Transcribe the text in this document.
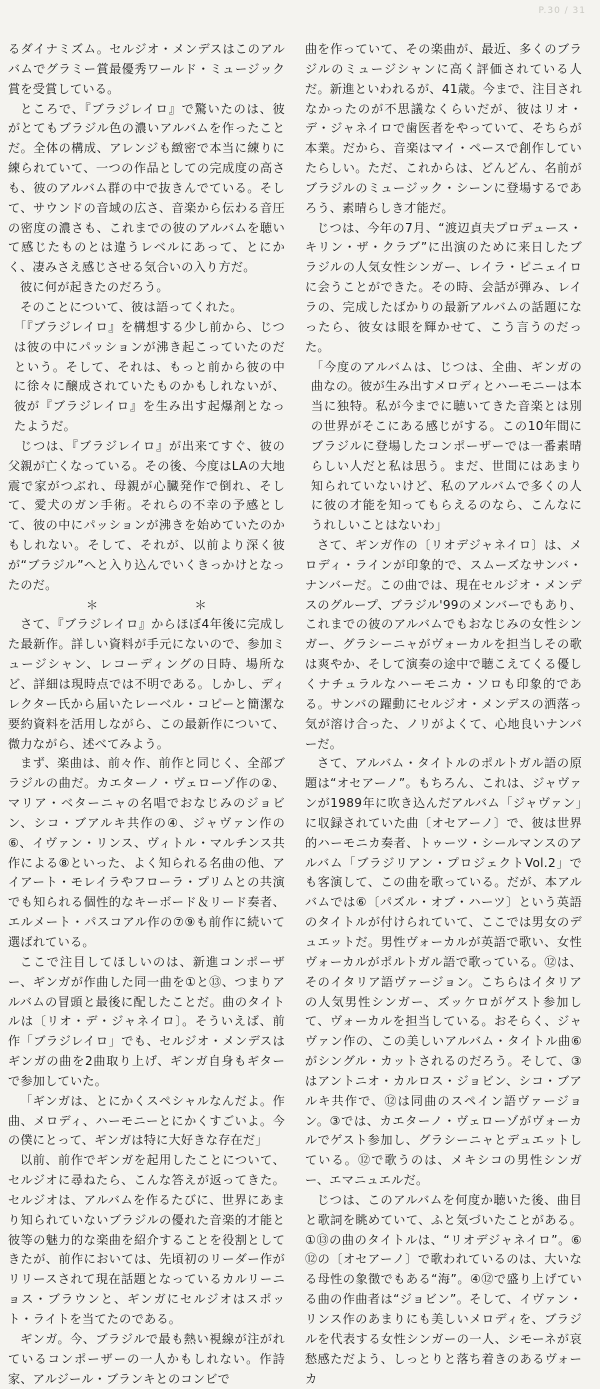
P.30 / 31

るダイナミズム。セルジオ・メンデスはこのアルバムでグラミー賞最優秀ワールド・ミュージック賞を受賞している。

ところで、『ブラジレイロ』で驚いたのは、彼がとてもブラジル色の濃いアルバムを作ったことだ。全体の構成、アレンジも緻密で本当に練りに練られていて、一つの作品としての完成度の高さも、彼のアルバム群の中で抜きんでている。そして、サウンドの音域の広さ、音楽から伝わる音圧の密度の濃さも、これまでの彼のアルバムを聴いて感じたものとは違うレベルにあって、とにかく、凄みさえ感じさせる気合いの入り方だ。

彼に何が起きたのだろう。

そのことについて、彼は語ってくれた。

「『ブラジレイロ』を構想する少し前から、じつは彼の中にパッションが沸き起こっていたのだという。そして、それは、もっと前から彼の中に徐々に醸成されていたものかもしれないが、彼が『ブラジレイロ』を生み出す起爆剤となったようだ。

じつは、『ブラジレイロ』が出来てすぐ、彼の父親が亡くなっている。その後、今度はLAの大地震で家がつぶれ、母親が心臓発作で倒れ、そして、愛犬のガン手術。それらの不幸の予感として、彼の中にパッションが沸きを始めていたのかもしれない。そして、それが、以前より深く彼が“ブラジル”へと入り込んでいくきっかけとなったのだ。

＊	＊

さて、『ブラジレイロ』からほぼ4年後に完成した最新作。詳しい資料が手元にないので、参加ミュージシャン、レコーディングの日時、場所など、詳細は現時点では不明である。しかし、ディレクター氏から届いたレーベル・コピーと簡潔な要約資料を活用しながら、この最新作について、微力ながら、述べてみよう。

まず、楽曲は、前々作、前作と同じく、全部ブラジルの曲だ。カエターノ・ヴェローゾ作の②、マリア・ベターニャの名唱でおなじみのジョビン、シコ・ブアルキ共作の④、ジャヴァン作の⑥、イヴァン・リンス、ヴィトル・マルチンス共作による⑧といった、よく知られる名曲の他、アイアート・モレイラやフローラ・プリムとの共演でも知られる個性的なキーボード＆リード奏者、エルメート・パスコアル作の⑦⑨も前作に続いて選ばれている。

ここで注目してほしいのは、新進コンポーザー、ギンガが作曲した同一曲を①と⑬、つまりアルバムの冒頭と最後に配したことだ。曲のタイトルは〔リオ・デ・ジャネイロ〕。そういえば、前作「ブラジレイロ」でも、セルジオ・メンデスはギンガの曲を2曲取り上げ、ギンガ自身もギターで参加していた。

「ギンガは、とにかくスペシャルなんだよ。作曲、メロディ、ハーモニーとにかくすごいよ。今の僕にとって、ギンガは特に大好きな存在だ」

以前、前作でギンガを起用したことについて、セルジオに尋ねたら、こんな答えが返ってきた。セルジオは、アルバムを作るたびに、世界にあまり知られていないブラジルの優れた音楽的才能と彼等の魅力的な楽曲を紹介することを役割としてきたが、前作においては、先頃初のリーダー作がリリースされて現在話題となっているカルリーニョス・ブラウンと、ギンガにセルジオはスポット・ライトを当てたのである。

ギンガ。今、ブラジルで最も熱い視線が注がれているコンポーザーの一人かもしれない。作詩家、アルジール・ブランキとのコンビで

曲を作っていて、その楽曲が、最近、多くのブラジルのミュージシャンに高く評価されている人だ。新進といわれるが、41歳。今まで、注目されなかったのが不思議なくらいだが、彼はリオ・デ・ジャネイロで歯医者をやっていて、そちらが本業。だから、音楽はマイ・ペースで創作していたらしい。ただ、これからは、どんどん、名前がブラジルのミュージック・シーンに登場するであろう、素晴らしき才能だ。

じつは、今年の7月、“渡辺貞夫プロデュース・キリン・ザ・クラブ”に出演のために来日したブラジルの人気女性シンガー、レイラ・ピニェイロに会うことができた。その時、会話が弾み、レイラの、完成したばかりの最新アルバムの話題になったら、彼女は眼を輝かせて、こう言うのだった。

「今度のアルバムは、じつは、全曲、ギンガの曲なの。彼が生み出すメロディとハーモニーは本当に独特。私が今までに聴いてきた音楽とは別の世界がそこにある感じがする。この10年間にブラジルに登場したコンポーザーでは一番素晴らしい人だと私は思う。まだ、世間にはあまり知られていないけど、私のアルバムで多くの人に彼の才能を知ってもらえるのなら、こんなにうれしいことはないわ」

さて、ギンガ作の〔リオデジャネイロ〕は、メロディ・ラインが印象的で、スムーズなサンバ・ナンバーだ。この曲では、現在セルジオ・メンデスのグループ、ブラジル'99のメンバーでもあり、これまでの彼のアルバムでもおなじみの女性シンガー、グラシーニャがヴォーカルを担当しその歌は爽やか、そして演奏の途中で聴こえてくる優しくナチュラルなハーモニカ・ソロも印象的である。サンバの躍動にセルジオ・メンデスの洒落っ気が溶け合った、ノリがよくて、心地良いナンバーだ。

さて、アルバム・タイトルのポルトガル語の原題は“オセアーノ”。もちろん、これは、ジャヴァンが1989年に吹き込んだアルバム「ジャヴァン」に収録されていた曲〔オセアーノ〕で、彼は世界的ハーモニカ奏者、トゥーツ・シールマンスのアルバム「ブラジリアン・プロジェクトVol.2」でも客演して、この曲を歌っている。だが、本アルバムでは⑥〔パズル・オブ・ハーツ〕という英語のタイトルが付けられていて、ここでは男女のデュエットだ。男性ヴォーカルが英語で歌い、女性ヴォーカルがポルトガル語で歌っている。⑫は、そのイタリア語ヴァージョン。こちらはイタリアの人気男性シンガー、ズッケロがゲスト参加して、ヴォーカルを担当している。おそらく、ジャヴァン作の、この美しいアルバム・タイトル曲⑥がシングル・カットされるのだろう。そして、③はアントニオ・カルロス・ジョビン、シコ・ブアルキ共作で、⑫は同曲のスペイン語ヴァージョン。③では、カエターノ・ヴェローゾがヴォーカルでゲスト参加し、グラシーニャとデュエットしている。⑫で歌うのは、メキシコの男性シンガー、エマニュエルだ。

じつは、このアルバムを何度か聴いた後、曲目と歌詞を眺めていて、ふと気づいたことがある。①⑬の曲のタイトルは、“リオデジャネイロ”。⑥⑫の〔オセアーノ〕で歌われているのは、大いなる母性の象徴でもある“海”。④⑫で盛り上げている曲の作曲者は“ジョビン”。そして、イヴァン・リンス作のあまりにも美しいメロディを、ブラジルを代表する女性シンガーの一人、シモーネが哀愁感ただよう、しっとりと落ち着きのあるヴォーカ
